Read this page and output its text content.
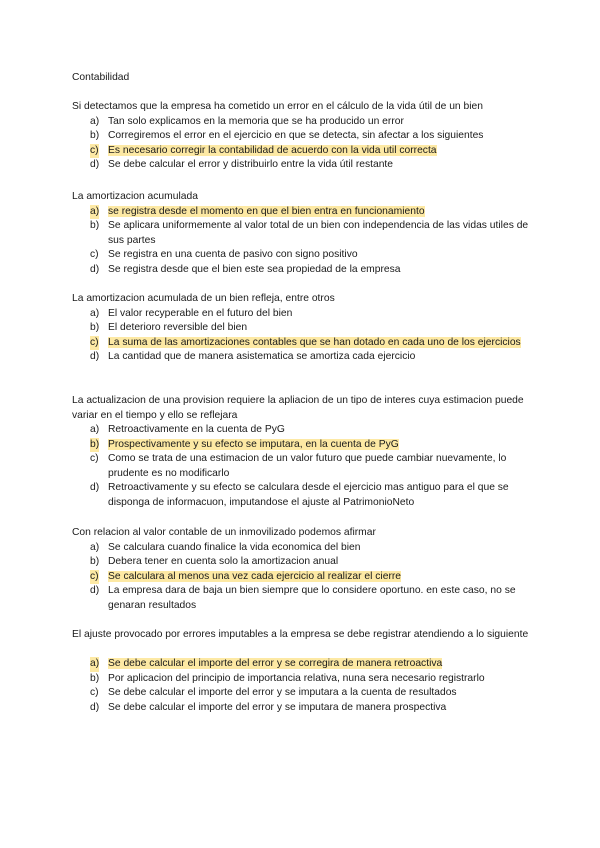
Contabilidad

Si detectamos que la empresa ha cometido un error en el cálculo de la vida útil de un bien

a) Tan solo explicamos en la memoria que se ha producido un error
b) Corregiremos el error en el ejercicio en que se detecta, sin afectar a los siguientes
c) Es necesario corregir la contabilidad de acuerdo con la vida util correcta
d) Se debe calcular el error y distribuirlo entre la vida útil restante

La amortizacion acumulada

a) se registra desde el momento en que el bien entra en funcionamiento
b) Se aplicara uniformemente al valor total de un bien con independencia de las vidas utiles de sus partes
c) Se registra en una cuenta de pasivo con signo positivo
d) Se registra desde que el bien este sea propiedad de la empresa

La amortizacion acumulada de un bien refleja, entre otros

a) El valor recyperable en el futuro del bien
b) El deterioro reversible del bien
c) La suma de las amortizaciones contables que se han dotado en cada uno de los ejercicios
d) La cantidad que de manera asistematica se amortiza cada ejercicio

La actualizacion de una provision requiere la apliacion de un tipo de interes cuya estimacion puede variar en el tiempo y ello se reflejara

a) Retroactivamente en la cuenta de PyG
b) Prospectivamente y su efecto se imputara, en la cuenta de PyG
c) Como se trata de una estimacion de un valor futuro que puede cambiar nuevamente, lo prudente es no modificarlo
d) Retroactivamente y su efecto se calculara desde el ejercicio mas antiguo para el que se disponga de informacuon, imputandose el ajuste al PatrimonioNeto

Con relacion al valor contable de un inmovilizado podemos afirmar

a) Se calculara cuando finalice la vida economica del bien
b) Debera tener en cuenta solo la amortizacion anual
c) Se calculara al menos una vez cada ejercicio al realizar el cierre
d) La empresa dara de baja un bien siempre que lo considere oportuno. en este caso, no se genaran resultados

El ajuste provocado por errores imputables a la empresa se debe registrar atendiendo a lo siguiente

a) Se debe calcular el importe del error y se corregira de manera retroactiva
b) Por aplicacion del principio de importancia relativa, nuna sera necesario registrarlo
c) Se debe calcular el importe del error y se imputara a la cuenta de resultados
d) Se debe calcular el importe del error y se imputara de manera prospectiva
